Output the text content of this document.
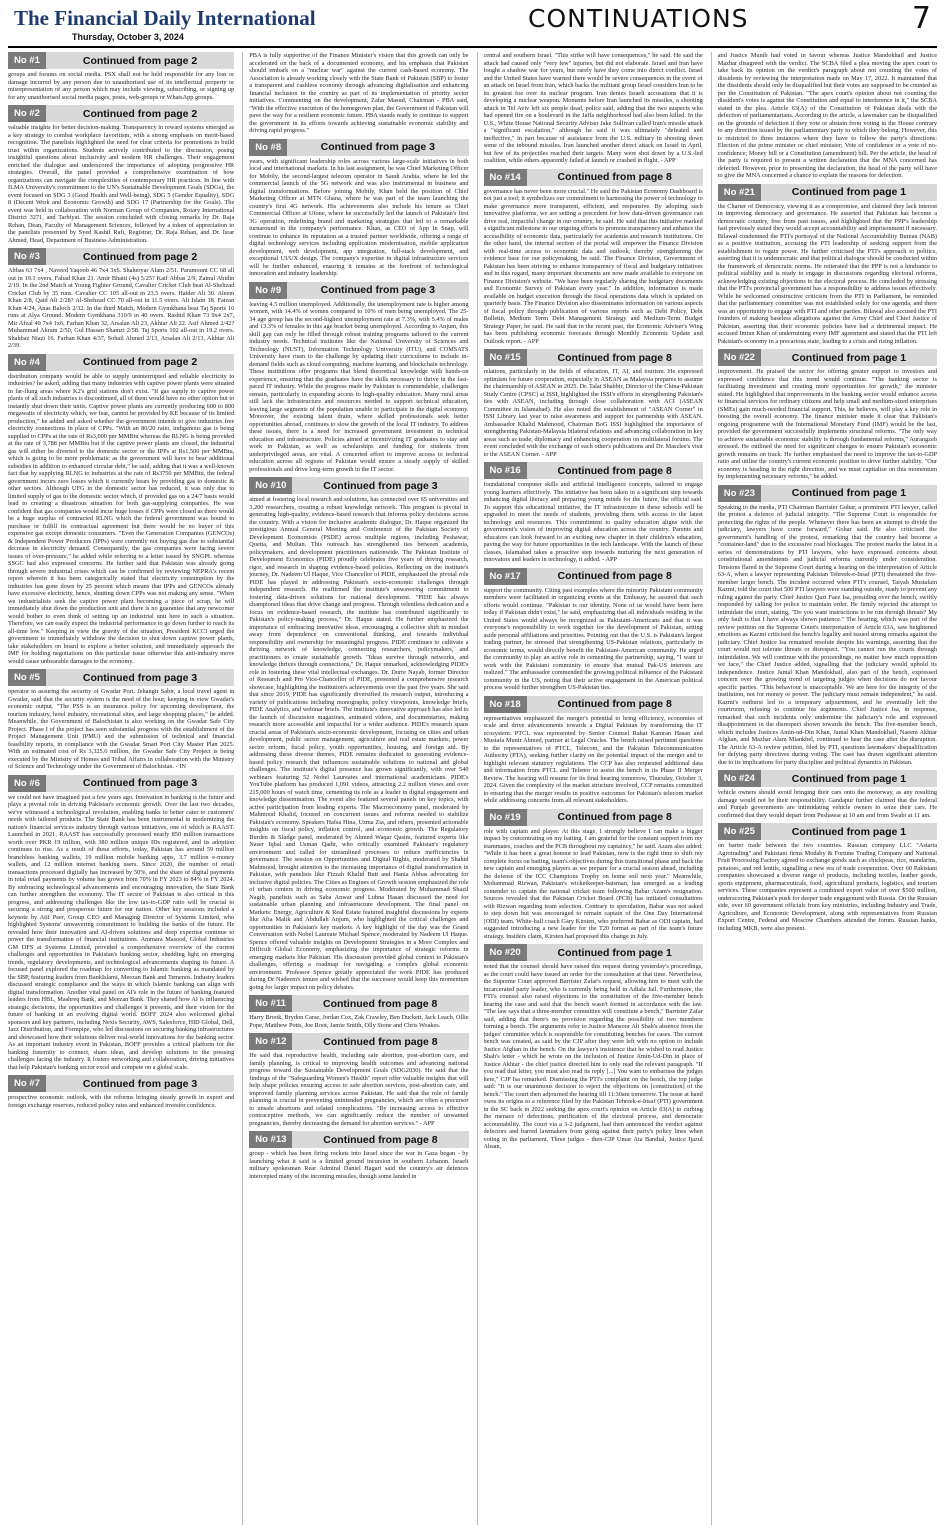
The Financial Daily International
Thursday, October 3, 2024
CONTINUATIONS	7
No #1	Continued from page 2

groups and forums on social media. PSX shall not be held responsible for any loss or damage incurred by any person due to unauthorised use of its intellectual property or misrepresentation of any person which may include viewing, subscribing, or signing up for any unauthorised social media pages, posts, web-groups or WhatsApp groups.

No #2	Continued from page 2

valuable insights for better decision-making. Transparency in reward systems emerged as a key strategy to combat workplace favoritism, with a strong emphasis on merit-based recognition. The panelists highlighted the need for clear criteria for promotions to build trust within organizations. Students actively contributed to the discussion, posing insightful questions about inclusivity and modern HR challenges. Their engagement enriched the dialogue and underscored the importance of adopting progressive HR strategies. Overall, the panel provided a comprehensive examination of how organizations can navigate the complexities of contemporary HR practices. In line with ILMA University's commitment to the UN's Sustainable Development Goals (SDGs), the event focused on SDG 3 (Good Health and Well-being), SDG 5 (Gender Equality), SDG 8 (Decent Work and Economic Growth) and SDG 17 (Partnership for the Goals). The event was held in collaboration with Norman Group of Companies, Rotary International District 3271, and Tarbiyat. The session concluded with closing remarks by Dr. Raja Rehan, Dean, Faculty of Management Sciences, followed by a token of appreciation to the panelists presented by Syed Kashif Rafi, Registrar, Dr. Raja Rehan, and Dr. Israr Ahmed, Head, Department of Business Administration.

No #3	Continued from page 2

Abbas 63 7x4 , Naveed Yaqoob 46 7x4 3x6. Shaheryar Alam 2/51. Paramount CC 68 all out in 19.1 overs. Fahad Khan 21. Amir Bhatti (4s) 5/25? Kaif Abbas 2/9, Zainul Abidin 2/19. In the 2nd Match at Young Fighter Ground, Cavalier Cricket Club beat Al-Shehzad Cricket Club by 35 runs. Cavalier CC 105 all-out in 23.5 overs. Haider Ali 30. Aleem Khan 2/8, Qaid Ali 2/28? Al-Shehzad CC 70 all-out in 11.5 overs. Ali Islam 18. Faizan Khan 4/24, Anas Baloch 2/32. In the third Match, Modern Gymkhana beat Taj Sports 16 runs at Alya Ground. Modern Gymkhana 310/9 in 40 overs. Rashid Khan 73 9x4 2x7, Mir Afzal 49 7x4 1x6, Farhan Khan 32, Arsalan Ali 23, Akhtar Ali 22. Asif Ahmed 2/42? Muhammad Akram 2/50, Gul Hassan Shamzi 2/58. Taj Sports 102 all-out in 19.2 overs. Shahbaz Niazi 16. Farhan Khan 4/37, Sohail Ahmed 2/13, Arsalan Ali 2/13, Akhtar Ali 2/39.

No #4	Continued from page 2

distribution company would be able to supply uninterrupted and reliable electricity to industries? he asked, adding that many industries with captive power plants were situated in far-flung areas where K2's grid stations don't exist. "If gas supply to captive power plants of all such industries is discontinued, all of them would have no other option but to instantly shut down their units. Captive power plants are currently producing 600 to 800 megawatts of electricity which, we fear, cannot be provided by KE because of its limited production," he added and asked whether the government intends to give industries free electricity connections in place of CPPs. "With an 80/20 ratio, indigenous gas is being supplied to CPPs at the rate of Rs3,000 per MMBtu whereas the RLNG is being provided at the rate of 3,788 per MMBtu but if the captive power plants are closed, the industrial gas will either be diverted to the domestic sector or the IPPs at Rs1,500 per MMBtu, which is going to be more problematic as the government will have to bear additional subsidies in addition to enhanced circular debt," he said, adding that it was a well-known fact that by supplying RLNG to industries at the rate of Rs3750 per MMBtu, the federal government incurs zero losses which it currently bears by providing gas to domestic & other sectors. Although UFG in the domestic sector has reduced, it was only due to limited supply of gas to the domestic sector which, if provided gas on a 24/7 basis would lead to creating a disastrous situation for both gas-supplying companies. He was confident that gas companies would incur huge losses if CPPs were closed as there would be a huge surplus of contracted RLNG which the federal government was bound to purchase or fulfill its contractual agreement but there would be no buyer of this expensive gas except domestic consumers. "Even the Generation Companies (GENCOs) & Independent Power Producers (IPPs) were currently not buying gas due to substantial decrease in electricity demand. Consequently, the gas companies were facing severe issues of over-pressure," he added while referring to a letter issued by SNGPL whereas SSGC had also expressed concerns. He further said that Pakistan was already going through severe industrial crises which can be confirmed by reviewing NEPRA's recent report wherein it has been categorically stated that electricity consumption by the industries has gone down by 25 percent which means that IPPs and GENCOs already have excessive electricity, hence, shutting down CPPs was not making any sense. "When we industrialists seek the captive power plant becoming a piece of scrap, he will immediately shut down the production unit and there is no guarantee that any newcomer would bother to even think of setting up an industrial unit here in such a situation. Therefore, we can easily expect the industrial performance to go down further to reach its all-time low." Keeping in view the gravity of the situation, President KCCI urged the government to immediately withdraw the decision to shut down captive power plants, take stakeholders on board to explore a better solution, and immediately approach the IMF for holding negotiations on this particular issue otherwise this anti-industry move would cause unbearable damages to the economy.

No #5	Continued from page 3

operator in assuring the security of Gwadar Port. Jehangir Sabir, a local travel agent in Gwadar, said that the security system is the need of the hour, keeping in view Gwadar's economic output. "The PSS is an insurance policy for upcoming development, the tourism industry, hotel industry, recreational sites, and large shopping places," he added. Meanwhile, the Government of Balochistan is also working on the Gwadar Safe City Project. Phase I of the project has seen substantial progress with the establishment of the Project Management Unit (PMU) and the submission of technical and financial feasibility reports, in compliance with the Gwadar Smart Port City Master Plan 2025. With an estimated cost of Rs 3,325.6 million, the Gwadar Safe City Project is being executed by the Ministry of Homes and Tribal Affairs in collaboration with the Ministry of Science and Technology under the Government of Balochistan. - IN

No #6	Continued from page 3

we could not have imagined just a few years ago. Innovation in banking is the future and plays a pivotal role in driving Pakistan's economic growth. Over the last two decades, we've witnessed a technological revolution, enabling banks to better cater to customers' needs with tailored products. The State Bank has been instrumental in modernizing the nation's financial services industry through various initiatives, one of which is RAAST. Launched in 2021, RAAST has successfully processed nearly 850 million transactions worth over PKR 19 trillion, with 380 million unique IDs registered, and its adoption continues to rise. As a result of these efforts, today, Pakistan has around 59 million branchless banking wallets, 19 million mobile banking apps, 3.7 million e-money wallets, and 12 million internet banking users. Since 2020, the number of retail transactions processed digitally has increased by 50%, and the share of digital payments in total retail payments by volume has grown from 70% in FY 2023 to 84% in FY 2024. By embracing technological advancements and encouraging innovation, the State Bank can further strengthen the economy. The IT sector of Pakistan is also critical in this progress, and addressing challenges like the low tax-to-GDP ratio will be crucial to securing a strong and prosperous future for our nation. Other key sessions included a keynote by Atif Peer, Group CEO and Managing Director of Systems Limited, who highlighted Systems' unwavering commitment to building the banks of the future. He revealed how their innovation and AI-driven solutions and deep expertise continue to power the transformation of financial institutions. Ammara Masood, Global Industries GM DFS at Systems Limited, provided a comprehensive overview of the current challenges and opportunities in Pakistan's banking sector, shedding light on emerging trends, regulatory developments, and technological advancements shaping its future. A focused panel explored the roadmap for converting to Islamic banking as mandated by the SBP, featuring leaders from BankIslami, Meezan Bank and Temenos. Industry leaders discussed strategic compliance and the ways in which Islamic banking can align with digital transformation. Another vital panel on AI's role in the future of banking featured leaders from HBL, Mashreq Bank, and Meezan Bank. They shared how AI is influencing strategic decisions, the opportunities and challenges it presents, and their vision for the future of banking in an evolving digital world. BOFF 2024 also welcomed global sponsors and key partners, including Nexis Security, AWS, Salesforce, HID Global, Dell, Jazz Distribution, and Formpipe, who led discussions on securing banking infrastructures and showcased how their solutions deliver real-world innovations for the banking sector. As an important industry event in Pakistan, BOFF provides a critical platform for the banking fraternity to connect, share ideas, and develop solutions to the pressing challenges facing the industry. It fosters networking and collaboration, driving initiatives that help Pakistan's banking sector excel and compete on a global scale.

No #7	Continued from page 3

prospective economic outlook, with the reforms bringing steady growth in export and foreign exchange reserves, reduced policy rates and enhanced investor confidence.

PBA is fully supportive of the Finance Minister's vision that this growth can only be accelerated on the back of a documented economy, and his emphasis that Pakistan should embark on a "nuclear war" against the current cash-based economy. The Association is already working closely with the State Bank of Pakistan (SBP) to foster a transparent and cashless economy through advancing digitalisation and enhancing financial inclusion in the country as part of its implementation of priority sector initiatives. Commenting on the development, Zafar Masud, Chairman - PBA said, "With the effective execution of the homegrown plan, the Government of Pakistan will pave the way for a resilient economic future. PBA stands ready to continue to support the government in its efforts towards achieving sustainable economic stability and driving rapid progress."

No #8	Continued from page 3

years, with significant leadership roles across various large-scale initiatives in both local and international markets. In his last assignment, he was Chief Marketing Officer for Mobily, the second-largest telecom operator in Saudi Arabia, where he led the commercial launch of the 5G network and was also instrumental in business and digital transformations. Before joining Mobily, Khan held the position of Chief Marketing Officer at MTN Ghana, where he was part of the team launching the country's first 4G network. His achievements also include his tenure as Chief Commercial Officer at Ufone, where he successfully led the launch of Pakistan's first 3G operation, redefining brand and marketing strategies that led to a remarkable turnaround in the company's performance. Khan, as CEO of App In Snap, will continue to enhance its reputation as a trusted partner worldwide, offering a range of digital technology services including application modernisation, mobile application development, web development, app integration, full-stack development, and exceptional UI/UX design. The company's expertise in digital infrastructure services will be further enhanced, ensuring it remains at the forefront of technological innovation and industry leadership.

No #9	Continued from page 3

leaving 4.5 million unemployed. Additionally, the unemployment rate is higher among women, with 14.4% of women compared to 10% of men being unemployed. The 25-34 age group has the second-highest unemployment rate at 7.3%, with 5.4% of males and 13.3% of females in this age bracket being unemployed. According to Anjum, this skill gap can only be filled through robust training programs tailored to the current industry needs. Technical institutes like the National University of Sciences and Technology (NUST), Information Technology University (ITU), and COMSATS University have risen to the challenge by updating their curriculums to include in-demand fields such as cloud computing, machine learning, and blockchain technology. These institutions offer programs that blend theoretical knowledge with hands-on experience, ensuring that the graduates have the skills necessary to thrive in the fast-paced IT industry. While the progress made by Pakistan is commendable, challenges remain, particularly in expanding access to high-quality education. Many rural areas still lack the infrastructure and resources needed to support technical education, leaving large segments of the population unable to participate in the digital economy. Moreover, the existing talent drain, where skilled professionals seek better opportunities abroad, continues to slow the growth of the local IT industry. To address these issues, there is a need for increased government investment in technical education and infrastructure. Policies aimed at incentivizing IT graduates to stay and work in Pakistan, as well as scholarships and funding for students from underprivileged areas, are vital. A concerted effort to improve access to technical education across all regions of Pakistan would ensure a steady supply of skilled professionals and drive long-term growth in the IT sector.

No #10	Continued from page 3

aimed at fostering local research and solutions, has connected over 65 universities and 3,200 researchers, creating a robust knowledge network. This program is pivotal in generating high-quality, evidence-based research that informs policy decisions across the country. With a vision for inclusive academic dialogue, Dr. Haque organized the prestigious Annual General Meeting and Conference of the Pakistan Society of Development Economists (PSDE) across multiple regions, including Peshawar, Quetta, and Multan. This outreach has strengthened ties between academia, policymakers, and development practitioners nationwide. The Pakistan Institute of Development Economics (PIDE) proudly celebrates five years of driving research, rigor, and research in shaping evidence-based policies. Reflecting on the institute's journey, Dr. Nadeem Ul Haque, Vice Chancellor of PIDE, emphasized the pivotal role PIDE has played in addressing Pakistan's socio-economic challenges through independent research. He reaffirmed the institute's unwavering commitment to fostering data-driven solutions for national development. "PIDE has always championed ideas that drive change and progress. Through relentless dedication and a focus on evidence-based research, the institute has contributed significantly to Pakistan's policy-making process," Dr. Haque stated. He further emphasized the importance of embracing innovative ideas, encouraging a collective shift in mindset away from dependence on conventional thinking, and towards individual responsibility and ownership for meaningful progress. PIDE continues to cultivate a thriving network of knowledge, connecting researchers, policymakers, and practitioners to create sustainable growth. "Ideas survive through networks, and knowledge thrives through connections," Dr. Haque remarked, acknowledging PIDE's role in fostering these vital intellectual exchanges. Dr. Durre Nayab, former Director of Research and Pro Vice-Chancellor of PIDE, presented a comprehensive research showcase, highlighting the institution's achievements over the past five years. She said that since 2019, PIDE has significantly diversified its research output, introducing a variety of publications including monographs, policy viewpoints, knowledge briefs, PIDE Analytics, and webinar briefs. The institute's innovative approach has also led to the launch of discussion magazines, animated videos, and documentaries, making research more accessible and impactful for a wider audience. PIDE's research spans crucial areas of Pakistan's socio-economic development, focusing on cities and urban development, public sector management, agriculture and real estate markets, power sector reform, fiscal policy, youth opportunities, housing, and foreign aid. By addressing these diverse themes, PIDE remains dedicated to generating evidence-based policy research that influences sustainable solutions to national and global challenges. The institute's digital presence has grown significantly, with over 540 webinars featuring 52 Nobel Laureates and international academicians. PIDE's YouTube platform has produced 1,091 videos, attracting 2.2 million views and over 215,000 hours of watch time, cementing its role as a leader in digital engagement and knowledge dissemination. The event also featured several panels on key topics, with active participation from leading experts. The Macroeconomy panel, moderated by Mahmood Khalid, focused on concurrent issues and reforms needed to stabilize Pakistan's economy. Speakers Hafsa Hina, Uzma Zia, and others, presented actionable insights on fiscal policy, inflation control, and economic growth. The Regulatory Burden & Sludge panel, moderated by Ahmed Waqar Qasim, featured experts like Naser Iqbal and Usman Qadir, who critically examined Pakistan's regulatory environment and called for streamlined processes to reduce inefficiencies in governance. The session on Opportunities and Digital Rights, moderated by Shahid Mahmood, brought attention to the increasing importance of digital transformation in Pakistan, with panelists like Fizzah Khalid Butt and Hania Abbas advocating for inclusive digital policies. The Cities as Engines of Growth session emphasized the role of urban centers in driving economic progress. Moderated by Muhammad Shazil Nagib, panelists such as Saba Anwar and Lubna Hasan discussed the need for sustainable urban planning and infrastructure development. The final panel on Markets: Energy, Agriculture & Real Estate featured insightful discussions by experts like Afia Malik and Abdullah Anjum, who highlighted the critical challenges and opportunities in Pakistan's key markets. A key highlight of the day was the Grand Conversation with Nobel Laureate Michael Spence, moderated by Nadeem Ul Haque. Spence offered valuable insights on Development Strategies in a More Complex and Difficult Global Economy, emphasizing the importance of strategic reforms in emerging markets like Pakistan. His discussion provided global context to Pakistan's challenges, offering a roadmap for navigating a complex global economic environment. Professor Spence greatly appreciated the work PIDE has produced during Dr Nadeem's tenure and wished that the successor would keep this momentum going for larger impact on policy debates.

No #11	Continued from page 8

Harry Brook, Brydon Carse, Jordan Cox, Zak Crawley, Ben Duckett, Jack Leach, Ollie Pope, Matthew Potts, Joe Root, Jamie Smith, Olly Stone and Chris Woakes.

No #12	Continued from page 8

He said that reproductive health, including safe abortion, post-abortion care, and family planning, is critical to improving health outcomes and advancing national progress toward the Sustainable Development Goals (SDG2030). He said that the findings of the "Safeguarding Women's Health" report offer valuable insights that will help shape policies ensuring access to safe abortion services, post-abortion care, and improved family planning services across Pakistan. He said that the role of family planning is crucial in preventing unintended pregnancies, which are often a precursor to unsafe abortions and related complications. "By increasing access to effective contraceptive methods, we can significantly reduce the number of unwanted pregnancies, thereby decreasing the demand for abortion services." - APP

No #13	Continued from page 8

group - which has been firing rockets into Israel since the war in Gaza began - by launching what it said is a limited ground incursion in southern Lebanon. Israeli military spokesman Rear Admiral Daniel Hagari said the country's air defences intercepted many of the incoming missiles, though some landed in

central and southern Israel. "This strike will have consequences," he said. He said the attack had caused only "very few" injuries, but did not elaborate. Israel and Iran have fought a shadow war for years, but rarely have they come into direct conflict. Israel and the United States have warned there would be severe consequences in the event of an attack on Israel from Iran, which backs the militant group Israel considers Iran to be its greatest foe over its nuclear program. Iran denies Israeli accusations that it is developing a nuclear weapon. Moments before Iran launched its missiles, a shooting attack in Tel Aviv left six people dead, police said, adding that the two suspects who had opened fire on a boulevard in the Jaffa neighborhood had also been killed. In the U.S., White House National Security Adviser Jake Sullivan called Iran's missile attack a "significant escalation," although he said it was ultimately "defeated and ineffective," in part because of assistance from the U.S. military in shooting down some of the inbound missiles. Iran launched another direct attack on Israel in April, but few of its projectiles reached their targets. Many were shot down by a U.S.-led coalition, while others apparently failed at launch or crashed in flight. - APP

No #14	Continued from page 8

governance has never been more crucial." He said the Pakistan Economy Dashboard is not just a tool; it symbolizes our commitment to harnessing the power of technology to make governance more transparent, efficient, and responsive. By adopting such innovative platforms, we are setting a precedent for how data-driven governance can drive real, impactful change in our country, he said. He said that this initiative marked a significant milestone in our ongoing efforts to promote transparency and enhance the accessibility of economic data, particularly for academia and research institutions. On the other hand, the internal section of the portal will empower the Finance Division with real-time access to economic data and outlook, thereby strengthening the evidence base for our policymaking, he said. The Finance Division, Government of Pakistan has been striving to enhance transparency of fiscal and budgetary initiatives and in this regard, many important documents are now made available to everyone on Finance Division's website. "We have been regularly sharing the budgetary documents and Economic Survey of Pakistan every year." In addition, information is made available on budget execution through the fiscal operations data which is updated on quarterly basis. The Finance Division also disseminates information on various aspects of fiscal policy through publication of various reports such as Debt Policy, Debt Bulletin, Medium Term Debt Management Strategy and Medium-Term Budget Strategy Paper, he said. He said that in the recent past, the Economic Adviser's Wing has been publishing economic forecasts through Monthly Economic Update and Outlook report. - APP

No #15	Continued from page 8

relations, particularly in the fields of education, IT, AI, and tourism. He expressed optimism for future cooperation, especially in ASEAN as Malaysia prepares to assume the chairmanship of ASEAN in 2025. Dr. Talat Shabbir, Director of the China-Pakistan Study Centre (CPSC) at ISSI, highlighted the ISSI's efforts in strengthening Pakistan's ties with ASEAN, including through close collaboration with ACI (ASEAN Committee in Islamabad). He also noted the establishment of "ASEAN Corner" in ISSI Library last year to raise awareness and support for partnership with ASEAN. Ambassador Khalid Mahmood, Chairman BoG ISSI highlighted the importance of strengthening Pakistan-Malaysia bilateral relations and advancing collaboration in key areas such as trade, diplomacy and enhancing cooperation on multilateral forums. The event concluded with the exchange of each other's publications and Dr. Maszlee's visit to the ASEAN Corner. - APP

No #16	Continued from page 8

foundational computer skills and artificial intelligence concepts, tailored to engage young learners effectively. The initiative has been taken in a significant step towards enhancing digital literacy and preparing young minds for the future, the official said. To support this educational initiative, the IT infrastructure in these schools will be upgraded to meet the needs of students, providing them with access to the latest technology and resources. This commitment to quality education aligns with the government's vision of improving digital education across the country. Parents and educators can look forward to an exciting new chapter in their children's education, paving the way for future opportunities in the tech landscape. With the launch of these classes, Islamabad takes a proactive step towards nurturing the next generation of innovators and leaders in technology, it added. - APP

No #17	Continued from page 8

support the community. Citing past examples where the minority Pakistani community members were facilitated in organizing events at the Embassy, he assured that such efforts would continue. "Pakistan is our identity. None of us would have been here today if Pakistan didn't exist," he said, emphasizing that all individuals residing in the United States would always be recognized as Pakistani-Americans and that it was everyone's responsibility to work together for the development of Pakistan, setting aside personal affiliations and priorities. Pointing out that the U.S. is Pakistan's largest trading partner, he stressed that strengthening US-Pakistan relations, particularly in economic terms, would directly benefit the Pakistani-American community. He urged the community to play an active role in cementing the partnership, saying, "I want to work with the Pakistani community to ensure that mutual Pak-US interests are realized." The ambassador commended the growing political influence of the Pakistani community in the US, noting that their active engagement in the American political process would further strengthen US-Pakistan ties.

No #18	Continued from page 8

representatives emphasized the merger's potential to bring efficiency, economies of scale and drive advancements towards a Digital Pakistan by transforming the IT ecosystem. PTCL was represented by Senior Counsel Rahat Kamran Hasan and Mustafa Munir Ahmed, partner at Legal Oracles. The bench raised pertinent questions to the representatives of PTCL, Telecom, and the Pakistan Telecommunication Authority (PTA), seeking further clarity on the potential impact of the merger and to highlight relevant statutory regulations. The CCP has also requested additional data and information from PTCL and Telenor to assist the bench in its Phase II Merger Review. The hearing will resume for its final hearing tomorrow, Thursday, October 3, 2024. Given the complexity of the market structure involved, CCP remains committed to ensuring that the merger results in positive outcomes for Pakistan's telecom market while addressing concerns from all relevant stakeholders.

No #19	Continued from page 8

role with captain and player. At this stage, I strongly believe I can make a bigger impact by concentrating on my batting. I am grateful for the constant support from my teammates, coaches and the PCB throughout my captaincy," he said. Azam also added: "While it has been a great honour to lead Pakistan, now is the right time to shift my complete focus on batting, team's objectives during this transitional phase and back the new captain and emerging players as we prepare for a crucial season ahead, including the defense of the ICC Champions Trophy on home soil next year." Meanwhile, Mohammad Rizwan, Pakistan's wicketkeeper-batsman, has emerged as a leading contender to captain the national cricket team following Babar Azam's resignation. Sources revealed that the Pakistan Cricket Board (PCB) has initiated consultations with Rizwan regarding team selection. Contrary to speculation, Babar was not asked to step down but was encouraged to remain captain of the One Day International (ODI) team. White-ball coach Gary Kirsten, who preferred Babar as ODI captain, had suggested introducing a new leader for the T20 format as part of the team's future strategy. Insiders claim, Kirsten had proposed this change in July.

No #20	Continued from page 1

noted that the counsel should have raised this request during yesterday's proceedings, as the court could have issued an order for the consultation at that time. Nevertheless, the Supreme Court approved Barrister Zafar's request, allowing him to meet with the incarcerated party leader, who is currently being held in Adiala Jail. Furthermore, the PTI's counsel also raised objections to the constitution of the five-member bench hearing the case and said that the bench wasn't formed in accordance with the law. "The law says that a three-member committee will constitute a bench," Barrister Zafar said, adding that there's no provision regarding the possibility of two members forming a bench. The arguments refer to Justice Mansoor Ali Shah's absence from the judges' committee which is responsible for constituting benches for cases. The current bench was created, as said by the CJP after they were left with no option to include Justice Afghan in the bench. On the lawyer's insistence that he wished to read Justice Shah's letter - which he wrote on the inclusion of Justice Amin-Ud-Din in place of Justice Akhtar - the chief justice directed him to only read the relevant paragraph. "If you read that letter, you must also read its reply [...] You want to embarrass the judges here," CJP Isa remarked. Dismissing the PTI's complaint on the bench, the top judge said: "It is our unanimous decision to reject the objections on [constitution] of the bench." The court then adjourned the hearing till 11:30am tomorrow. The issue at hand owes its origins to a reference filed by the Pakistan Tehreek-e-Insaf (PTI) government in the SC back in 2022 seeking the apex court's opinion on Article 63(A) to curbing the menace of defections, purification of the electoral process, and democratic accountability. The court via a 3-2 judgment, had then announced the verdict against defectors and barred lawmakers from going against their party's policy lines when voting in the parliament. Three judges - then-CJP Umar Ata Bandial, Justice Ijazul Ahsan,

and Justice Munib had voted in favour whereas Justice Mandokhail and Justice Mazhar disagreed with the verdict. The SCBA filed a plea moving the apex court to take back its opinion on the verdict's paragraph about not counting the votes of dissidents by reviewing the interpretation made on May 17, 2022. It maintained that the dissidents should only be disqualified but their votes are supposed to be counted as per the Constitution of Pakistan. "The apex court's opinion about not counting the dissident's votes is against the Constitution and equal to interference in it," the SCBA stated in the plea. Article 63(A) of the Constitution of Pakistan deals with the defection of parliamentarians. According to the article, a lawmaker can be disqualified on the grounds of defection if they vote or abstain from voting in the House contrary to any direction issued by the parliamentary party to which they belong. However, this is restricted to three instances where they have to follow the party's directions: Election of the prime minister or chief minister; Vote of confidence or a vote of no-confidence; Money bill or a Constitution (amendment) bill. Per the article, the head of the party is required to present a written declaration that the MNA concerned has defected. However, prior to presenting the declaration, the head of the party will have to give the MNA concerned a chance to explain the reasons for defection.

No #21	Continued from page 1

the Charter of Democracy, viewing it as a compromise, and claimed they lack interest in improving democracy and governance. He asserted that Pakistan has become a democratic country, free from past issues, and highlighted that the PPP's leadership had previously stated they would accept accountability and imprisonment if necessary. Bilawal condemned the PTI's portrayal of the National Accountability Bureau (NAB) as a positive institution, accusing the PTI leadership of seeking support from the establishment to regain power. He further criticised the PTI's approach to politics, asserting that it is undemocratic and that political dialogue should be conducted within the framework of democratic norms. He reiterated that the PPP is not a hindrance to political stability and is ready to engage in discussions regarding electoral reforms, acknowledging existing objections to the electoral process. He concluded by stressing that the PTI's provincial government has a responsibility to address issues effectively. While he welcomed constructive criticism from the PTI in Parliament, he reminded that the parliamentary committee was not established solely for one agenda, and there was an opportunity to engage with PTI and other parties. Bilawal also accused the PTI founders of making baseless allegations against the Army Chief and Chief Justice of Pakistan, asserting that their economic policies have had a detrimental impact. He accused Imran Khan of undermining every IMF agreement and stated that the PTI left Pakistan's economy in a precarious state, leading to a crisis and rising inflation.

No #22	Continued from page 1

improvement. He praised the sector for offering greater support to investors and expressed confidence that this trend would continue. "The banking sector is facilitating investment and creating more opportunities for growth," the minister stated. He highlighted that improvements in the banking sector would enhance access to financial services for ordinary citizens and help small and medium-sized enterprises (SMEs) gain much-needed financial support. This, he believes, will play a key role in boosting the overall economy. The finance minister made it clear that Pakistan's ongoing programme with the International Monetary Fund (IMF) would be the last, provided the government successfully implements structural reforms. "The only way to achieve sustainable economic stability is through fundamental reforms," Aurangzeb stressed. He outlined the need for significant changes to ensure Pakistan's economic growth remains on track. He further emphasised the need to improve the tax-to-GDP ratio and utilise the country's current economic position to drive further stability. "Our economy is heading in the right direction, and we must capitalise on this momentum by implementing necessary reforms," he added.

No #23	Continued from page 1

Speaking to the media, PTI Chairman Barrister Gohar, a prominent PTI lawyer, called the protest a defence of judicial integrity. "The Supreme Court is responsible for protecting the rights of the people. Whenever there has been an attempt to divide the judiciary, lawyers have come forward," Gohar said. He also criticised the government's handling of the protest, remarking that the country had become a "container-land" due to the excessive road blockages. The protest marks the latest in a series of demonstrations by PTI lawyers, who have expressed concerns about constitutional amendments and judicial reforms currently under consideration. Tensions flared in the Supreme Court during a hearing on the interpretation of Article 63-A, when a lawyer representing Pakistan Tehreek-e-Insaf (PTI) threatened the five-member larger bench. The incident occurred when PTI's counsel, Taiyab Mustafain Kazmi, told the court that 500 PTI lawyers were standing outside, ready to prevent any ruling against the party. Chief Justice Qazi Faez Isa, presiding over the bench, swiftly responded by calling for police to maintain order. He firmly rejected the attempt to intimidate the court, stating, "Do you want instructions to be run through threats? My only fault is that I have always shown patience." The hearing, which was part of the review petition on the Supreme Court's interpretation of Article 63A, saw heightened emotions as Kazmi criticised the bench's legality and issued strong remarks against the judiciary. Chief Justice Isa remained resolute despite his warnings, asserting that the court would not tolerate threats or disrespect. "You cannot run the courts through intimidation. We will continue with the proceedings, no matter how much opposition we face," the Chief Justice added, signalling that the judiciary would uphold its independence. Justice Jamal Khan Mandokhail, also part of the bench, expressed concern over the growing trend of targeting judges when decisions do not favour specific parties. "This behaviour is unacceptable. We are here for the integrity of the institution, not for money or power. The judiciary must remain independent," he said. Kazmi's outburst led to a temporary adjournment, and he eventually left the courtroom, refusing to continue his arguments. Chief Justice Isa, in response, remarked that such incidents only undermine the judiciary's role and expressed disappointment in the disrespect shown towards the bench. The five-member bench, which includes Justices Amin-ud-Din Khan, Jamal Khan Mandokhail, Naeem Akhtar Afghan, and Mazhar Alam Miankhel, continued to hear the case after the disruption. The Article 63-A review petition, filed by PTI, questions lawmakers' disqualification for defying party directives during voting. The case has drawn significant attention due to its implications for party discipline and political dynamics in Pakistan.

No #24	Continued from page 1

vehicle owners should avoid bringing their cars onto the motorway, as any resulting damage would not be their responsibility. Gandapur further claimed that the federal and Punjab governments are intimidating vehicle owners to seize their cars. He confirmed that they would depart from Peshawar at 10 am and from Swabi at 11 am.

No #25	Continued from page 1

on barter trade between the two countries. Russian company LLC "Astarta Agrotrading" and Pakistani firms Modaby & Fortune Trading Company and National Fruit Processing Factory agreed to exchange goods such as chickpeas, rice, mandarins, potatoes, and red lentils, signalling a new era of trade cooperation. Over 60 Pakistani companies showcased a diverse range of products, including textiles, leather goods, sports equipment, pharmaceuticals, food, agricultural products, logistics, and tourism services. These companies represent a combined export value of over $500 million, underscoring Pakistan's push for deeper trade engagement with Russia. On the Russian side, over 60 government officials from key ministries, including Industry and Trade, Agriculture, and Economic Development, along with representatives from Russian Export Centre, Federal and Moscow Chambers attended the forum. Russian banks, including MKB, were also present.
